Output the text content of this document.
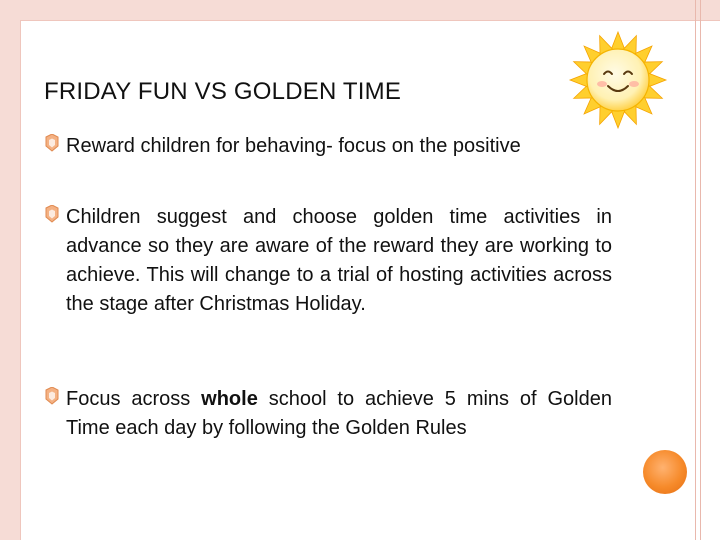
FRIDAY FUN VS GOLDEN TIME
Reward children for behaving- focus on the positive
Children suggest and choose golden time activities in advance so they are aware of the reward they are working to achieve. This will change to a trial of hosting activities across the stage after Christmas Holiday.
Focus across whole school to achieve 5 mins of Golden Time each day by following the Golden Rules
